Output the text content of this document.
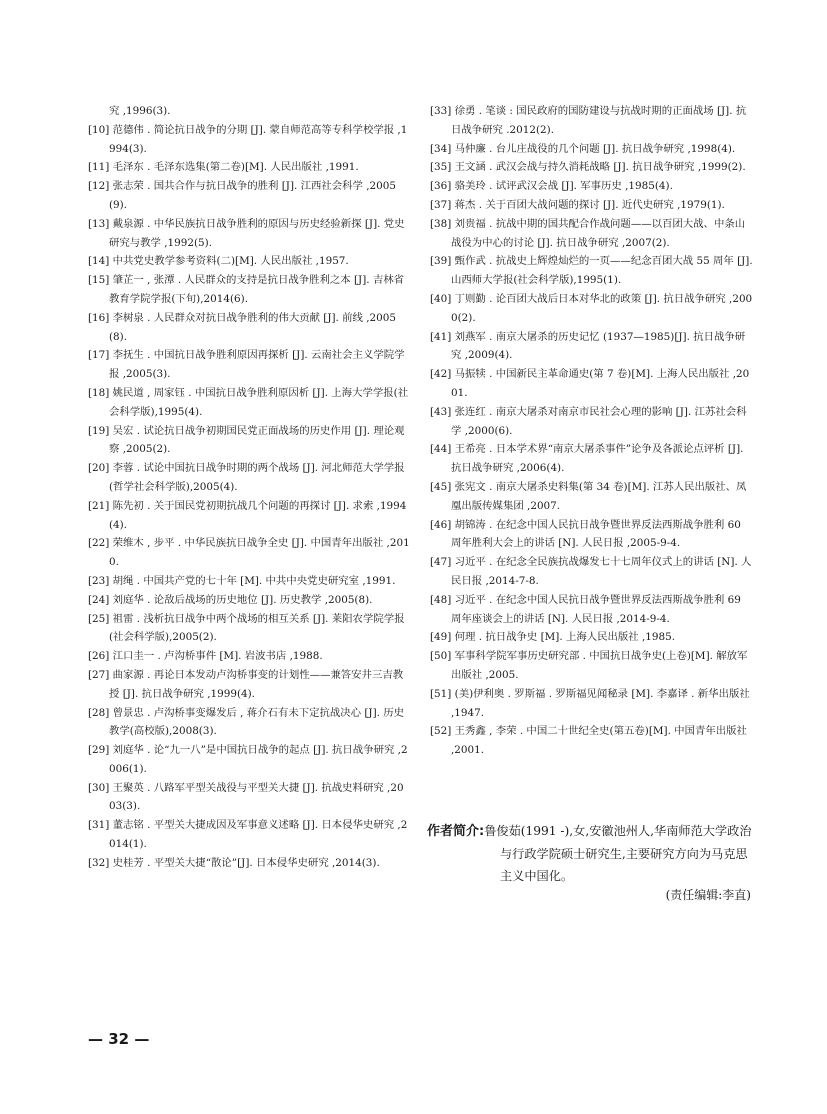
究 ,1996(3).
[10] 范德伟 . 简论抗日战争的分期 [J]. 蒙自师范高等专科学校学报 ,1994(3).
[11] 毛泽东 . 毛泽东选集(第二卷)[M]. 人民出版社 ,1991.
[12] 张志荣 . 国共合作与抗日战争的胜利 [J]. 江西社会科学 ,2005(9).
[13] 戴泉源 . 中华民族抗日战争胜利的原因与历史经验新探 [J]. 党史研究与教学 ,1992(5).
[14] 中共党史教学参考资料(二)[M]. 人民出版社 ,1957.
[15] 肇芷一 , 张潭 . 人民群众的支持是抗日战争胜利之本 [J]. 吉林省教育学院学报(下旬),2014(6).
[16] 李树泉 . 人民群众对抗日战争胜利的伟大贡献 [J]. 前线 ,2005(8).
[17] 李抚生 . 中国抗日战争胜利原因再探析 [J]. 云南社会主义学院学报 ,2005(3).
[18] 姚民道 , 周家钰 . 中国抗日战争胜利原因析 [J]. 上海大学学报(社会科学版),1995(4).
[19] 吴宏 . 试论抗日战争初期国民党正面战场的历史作用 [J]. 理论观察 ,2005(2).
[20] 李蓉 . 试论中国抗日战争时期的两个战场 [J]. 河北师范大学学报(哲学社会科学版),2005(4).
[21] 陈先初 . 关于国民党初期抗战几个问题的再探讨 [J]. 求索 ,1994(4).
[22] 荣维木 , 步平 . 中华民族抗日战争全史 [J]. 中国青年出版社 ,2010.
[23] 胡绳 . 中国共产党的七十年 [M]. 中共中央党史研究室 ,1991.
[24] 刘庭华 . 论敌后战场的历史地位 [J]. 历史教学 ,2005(8).
[25] 祖雷 . 浅析抗日战争中两个战场的相互关系 [J]. 莱阳农学院学报(社会科学版),2005(2).
[26] 江口圭一 . 卢沟桥事件 [M]. 岩波书店 ,1988.
[27] 曲家源 . 再论日本发动卢沟桥事变的计划性——兼答安井三吉教授 [J]. 抗日战争研究 ,1999(4).
[28] 曾景忠 . 卢沟桥事变爆发后 , 蒋介石有未下定抗战决心 [J]. 历史教学(高校版),2008(3).
[29] 刘庭华 . 论“九一八”是中国抗日战争的起点 [J]. 抗日战争研究 ,2006(1).
[30] 王聚英 . 八路军平型关战役与平型关大捷 [J]. 抗战史料研究 ,2003(3).
[31] 董志铭 . 平型关大捷成因及军事意义述略 [J]. 日本侵华史研究 ,2014(1).
[32] 史桂芳 . 平型关大捷“散论”[J]. 日本侵华史研究 ,2014(3).
[33] 徐勇 . 笔谈 : 国民政府的国防建设与抗战时期的正面战场 [J]. 抗日战争研究 .2012(2).
[34] 马仲廉 . 台儿庄战役的几个问题 [J]. 抗日战争研究 ,1998(4).
[35] 王文涵 . 武汉会战与持久消耗战略 [J]. 抗日战争研究 ,1999(2).
[36] 骆美玲 . 试评武汉会战 [J]. 军事历史 ,1985(4).
[37] 蒋杰 . 关于百团大战问题的探讨 [J]. 近代史研究 ,1979(1).
[38] 刘贵福 . 抗战中期的国共配合作战问题——以百团大战、中条山战役为中心的讨论 [J]. 抗日战争研究 ,2007(2).
[39] 甄作武 . 抗战史上辉煌灿烂的一页——纪念百团大战 55 周年 [J]. 山西师大学报(社会科学版),1995(1).
[40] 丁则勤 . 论百团大战后日本对华北的政策 [J]. 抗日战争研究 ,2000(2).
[41] 刘燕军 . 南京大屠杀的历史记忆 (1937—1985)[J]. 抗日战争研究 ,2009(4).
[42] 马振犊 . 中国新民主革命通史(第 7 卷)[M]. 上海人民出版社 ,2001.
[43] 张连红 . 南京大屠杀对南京市民社会心理的影响 [J]. 江苏社会科学 ,2000(6).
[44] 王希亮 . 日本学术界“南京大屠杀事件”论争及各派论点评析 [J]. 抗日战争研究 ,2006(4).
[45] 张宪文 . 南京大屠杀史料集(第 34 卷)[M]. 江苏人民出版社、凤凰出版传媒集团 ,2007.
[46] 胡锦涛 . 在纪念中国人民抗日战争暨世界反法西斯战争胜利 60 周年胜利大会上的讲话 [N]. 人民日报 ,2005-9-4.
[47] 习近平 . 在纪念全民族抗战爆发七十七周年仪式上的讲话 [N]. 人民日报 ,2014-7-8.
[48] 习近平 . 在纪念中国人民抗日战争暨世界反法西斯战争胜利 69 周年座谈会上的讲话 [N]. 人民日报 ,2014-9-4.
[49] 何理 . 抗日战争史 [M]. 上海人民出版社 ,1985.
[50] 军事科学院军事历史研究部 . 中国抗日战争史(上卷)[M]. 解放军出版社 ,2005.
[51] (美)伊利奥 . 罗斯福 . 罗斯福见闻秘录 [M]. 李嘉译 . 新华出版社 ,1947.
[52] 王秀鑫 , 李荣 . 中国二十世纪全史(第五卷)[M]. 中国青年出版社 ,2001.
作者简介:鲁俊茹(1991 -),女,安徽池州人,华南师范大学政治与行政学院硕士研究生,主要研究方向为马克思主义中国化。
(责任编辑:李直)
— 32 —
